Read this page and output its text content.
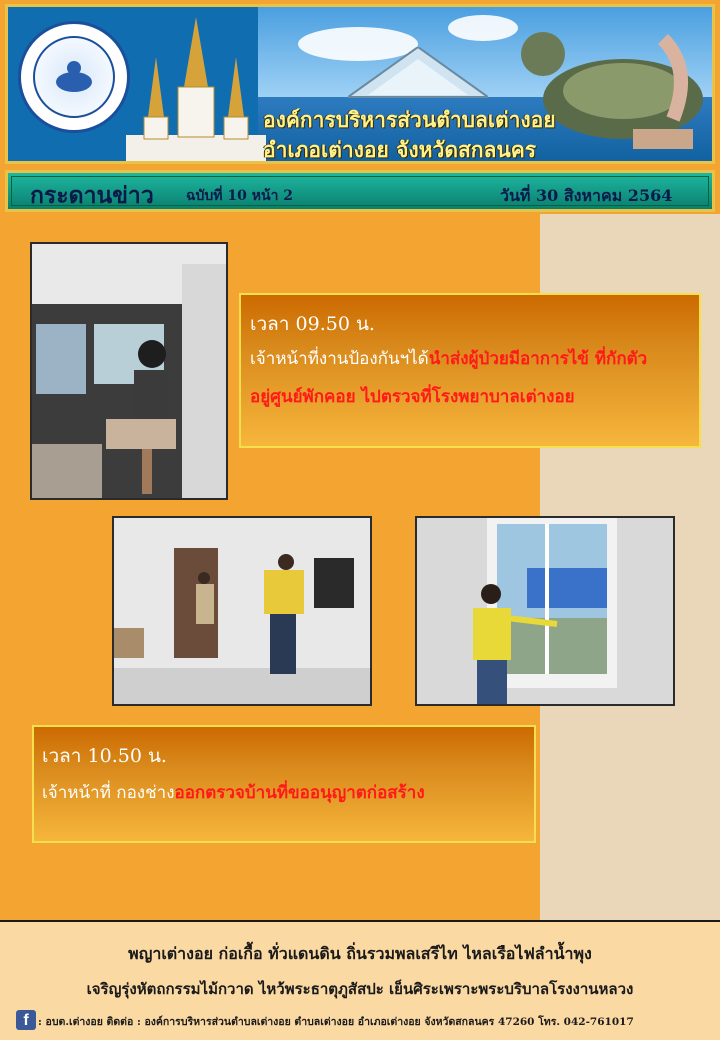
องค์การบริหารส่วนตำบลเต่างอย
อำเภอเต่างอย จังหวัดสกลนคร
กระดานข่าว ฉบับที่ 10 หน้า 2	วันที่ 30 สิงหาคม 2564
เวลา 09.50 น.
เจ้าหน้าที่งานป้องกันฯได้นำส่งผู้ป่วยมีอาการไข้ ที่กักตัว
อยู่ศูนย์พักคอย ไปตรวจที่โรงพยาบาลเต่างอย
เวลา 10.50 น.
เจ้าหน้าที่ กองช่างออกตรวจบ้านที่ขออนุญาตก่อสร้าง
พญาเต่างอย ก่อเกื้อ ทั่วแดนดิน ถิ่นรวมพลเสรีไท ไหลเรือไฟลำน้ำพุง
เจริญรุ่งหัตถกรรมไม้กวาด ไหว้พระธาตุภูสัสปะ เย็นศิระเพราะพระบริบาลโรงงานหลวง
f : อบต.เต่างอย ติดต่อ : องค์การบริหารส่วนตำบลเต่างอย ตำบลเต่างอย อำเภอเต่างอย จังหวัดสกลนคร 47260 โทร. 042-761017
